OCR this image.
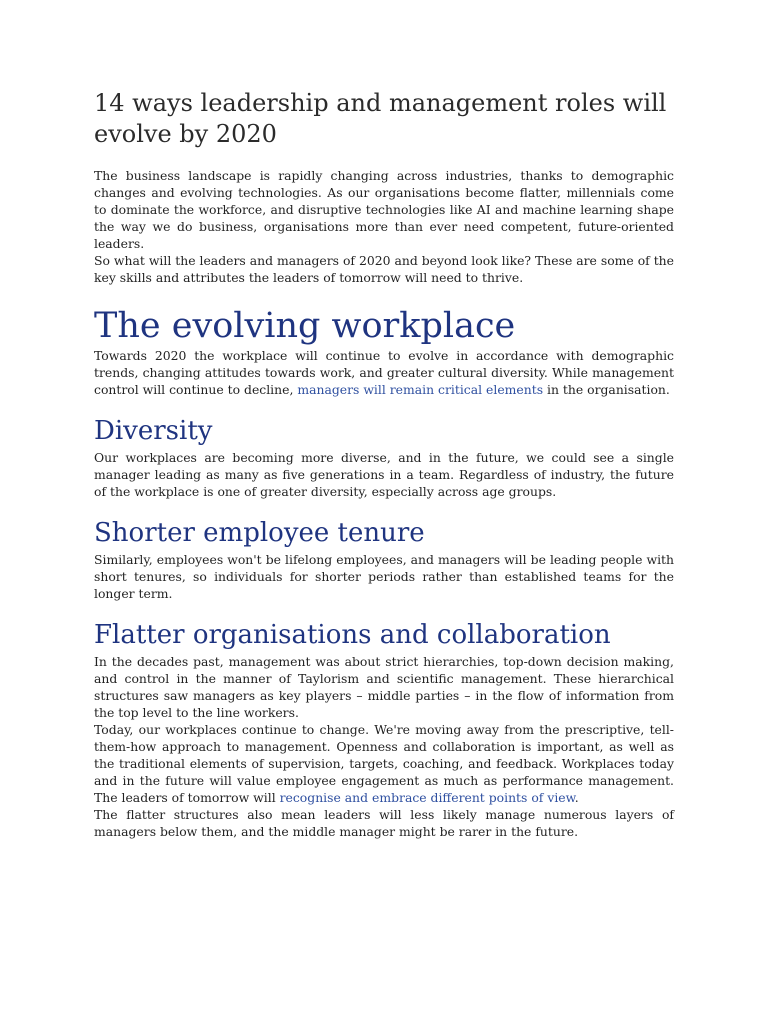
14 ways leadership and management roles will evolve by 2020

The business landscape is rapidly changing across industries, thanks to demographic changes and evolving technologies. As our organisations become flatter, millennials come to dominate the workforce, and disruptive technologies like AI and machine learning shape the way we do business, organisations more than ever need competent, future-oriented leaders.

So what will the leaders and managers of 2020 and beyond look like? These are some of the key skills and attributes the leaders of tomorrow will need to thrive.

The evolving workplace

Towards 2020 the workplace will continue to evolve in accordance with demographic trends, changing attitudes towards work, and greater cultural diversity. While management control will continue to decline, managers will remain critical elements in the organisation.

Diversity

Our workplaces are becoming more diverse, and in the future, we could see a single manager leading as many as five generations in a team. Regardless of industry, the future of the workplace is one of greater diversity, especially across age groups.

Shorter employee tenure

Similarly, employees won't be lifelong employees, and managers will be leading people with short tenures, so individuals for shorter periods rather than established teams for the longer term.

Flatter organisations and collaboration

In the decades past, management was about strict hierarchies, top-down decision making, and control in the manner of Taylorism and scientific management. These hierarchical structures saw managers as key players – middle parties – in the flow of information from the top level to the line workers.

Today, our workplaces continue to change. We're moving away from the prescriptive, tell-them-how approach to management. Openness and collaboration is important, as well as the traditional elements of supervision, targets, coaching, and feedback. Workplaces today and in the future will value employee engagement as much as performance management. The leaders of tomorrow will recognise and embrace different points of view.

The flatter structures also mean leaders will less likely manage numerous layers of managers below them, and the middle manager might be rarer in the future.
